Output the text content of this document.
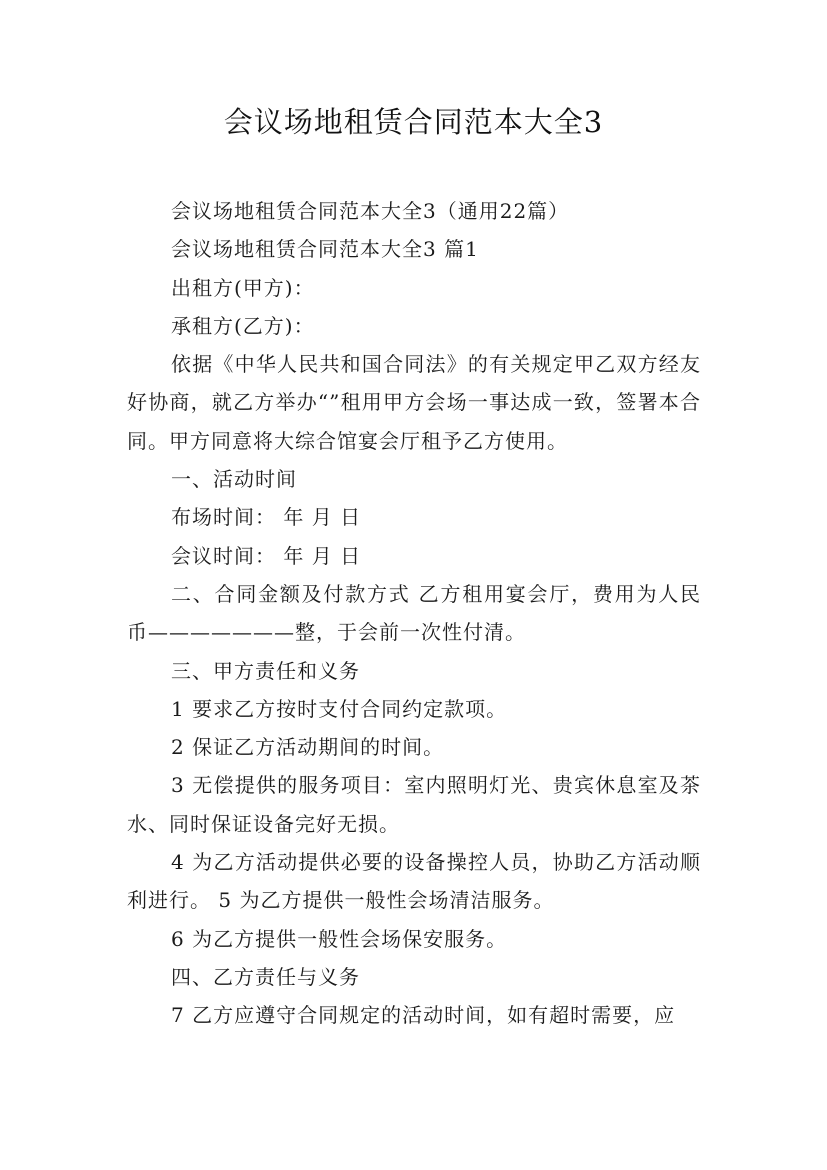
会议场地租赁合同范本大全3

会议场地租赁合同范本大全3（通用22篇）

会议场地租赁合同范本大全3 篇1

出租方(甲方)：

承租方(乙方)：

依据《中华人民共和国合同法》的有关规定甲乙双方经友好协商，就乙方举办“”租用甲方会场一事达成一致，签署本合同。甲方同意将大综合馆宴会厅租予乙方使用。

一、活动时间

布场时间： 年 月 日

会议时间： 年 月 日

二、合同金额及付款方式 乙方租用宴会厅，费用为人民币———————整，于会前一次性付清。

三、甲方责任和义务

1 要求乙方按时支付合同约定款项。

2 保证乙方活动期间的时间。

3 无偿提供的服务项目：室内照明灯光、贵宾休息室及茶水、同时保证设备完好无损。

4 为乙方活动提供必要的设备操控人员，协助乙方活动顺利进行。 5 为乙方提供一般性会场清洁服务。

6 为乙方提供一般性会场保安服务。

四、乙方责任与义务

7 乙方应遵守合同规定的活动时间，如有超时需要，应
